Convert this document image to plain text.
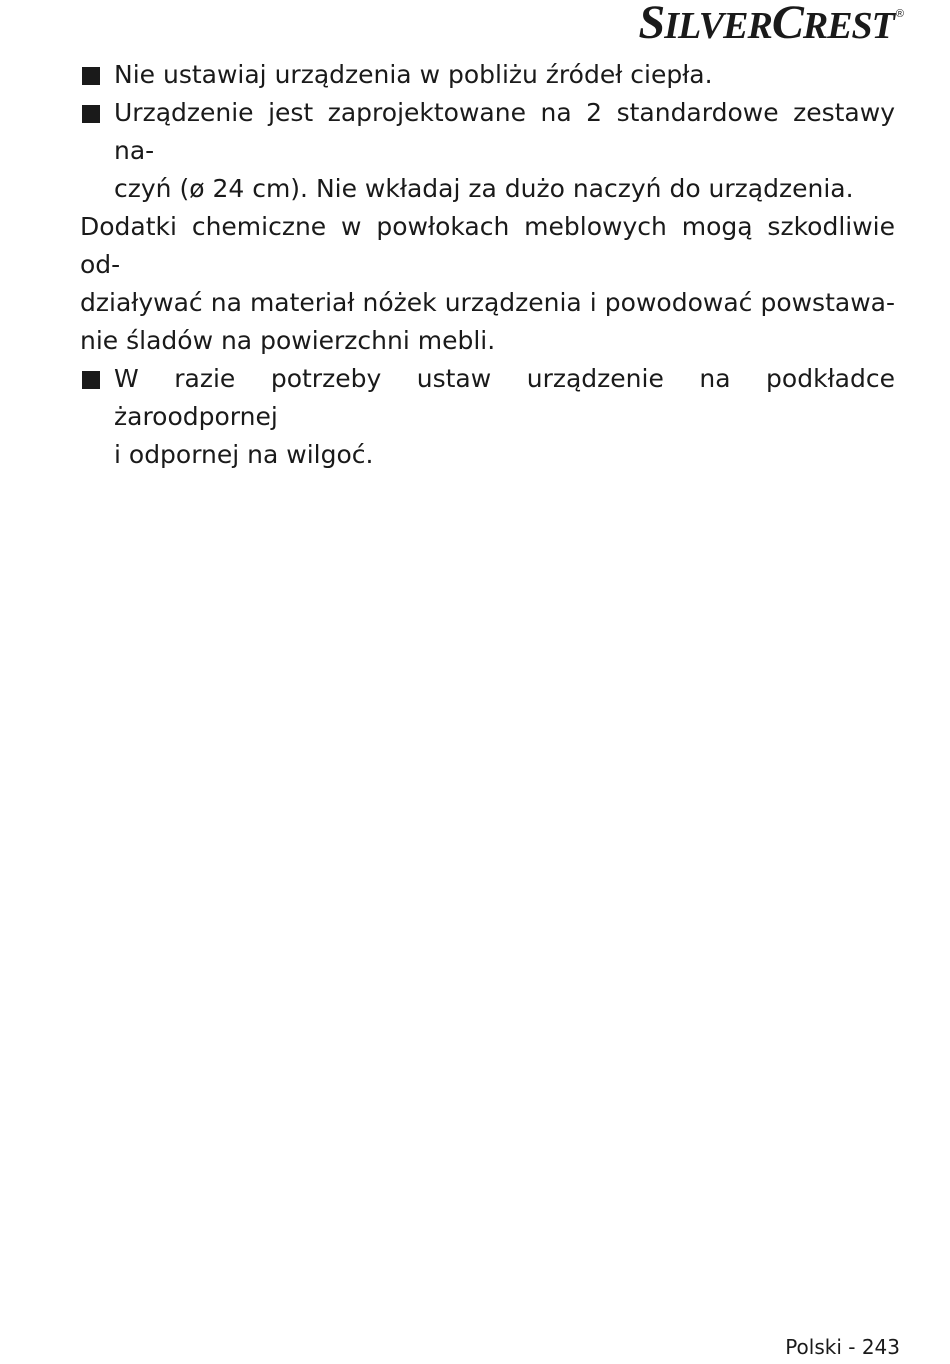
SILVERCREST ®
Nie ustawiaj urządzenia w pobliżu źródeł ciepła.
Urządzenie jest zaprojektowane na 2 standardowe zestawy na-
czyń (ø 24 cm). Nie wkładaj za dużo naczyń do urządzenia.
Dodatki chemiczne w powłokach meblowych mogą szkodliwie od-
działywać na materiał nóżek urządzenia i powodować powstawa-
nie śladów na powierzchni mebli.
W razie potrzeby ustaw urządzenie na podkładce żaroodpornej
i odpornej na wilgoć.
Polski - 243
